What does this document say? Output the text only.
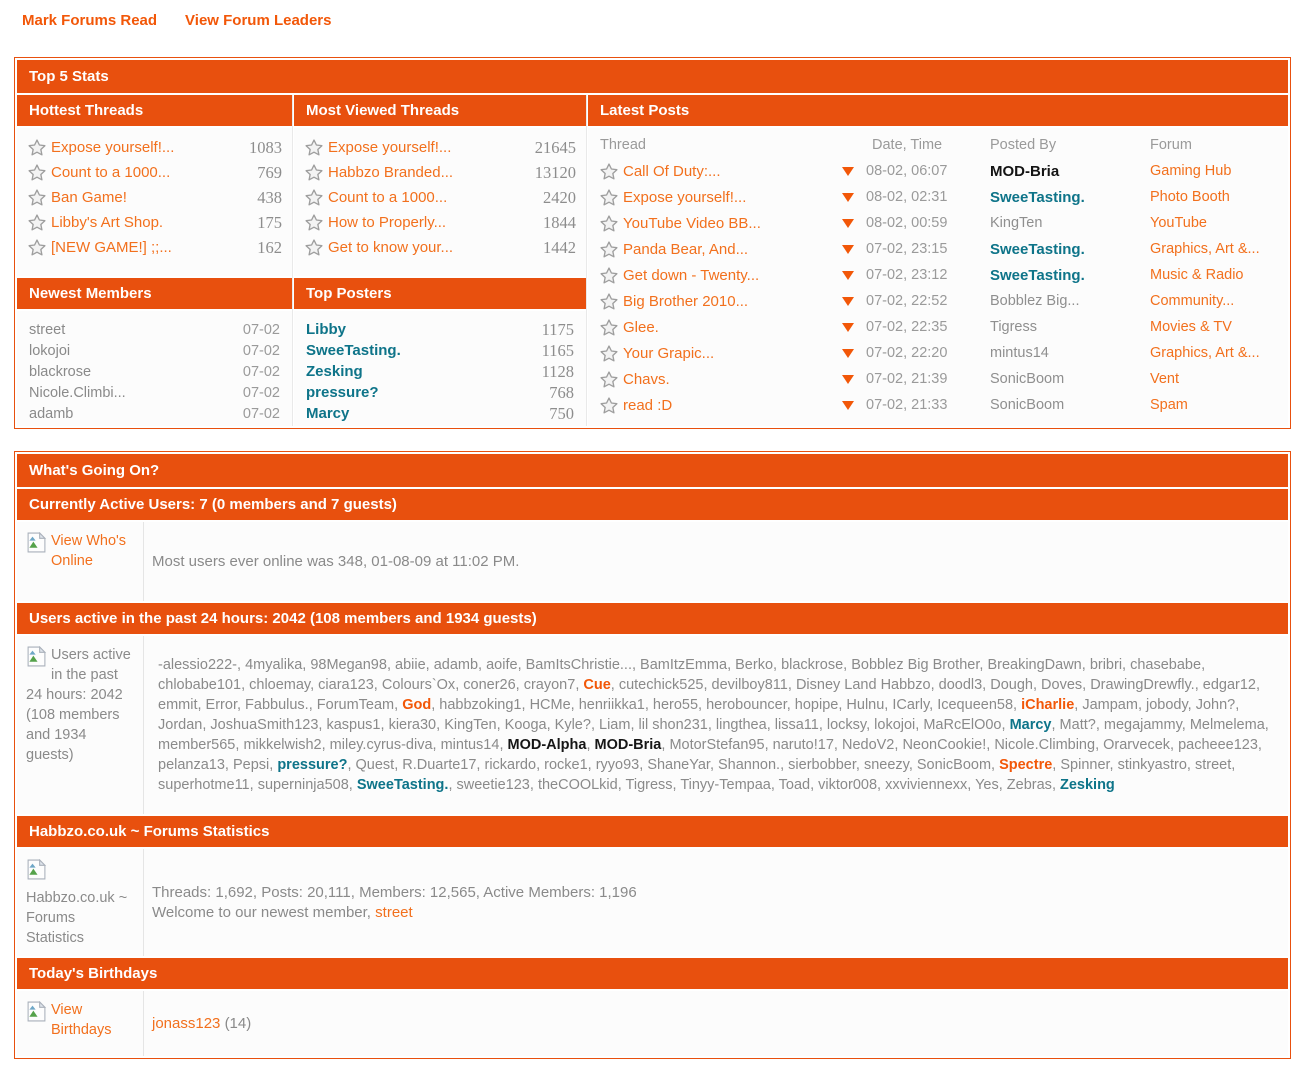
Mark Forums Read View Forum Leaders
Top 5 Stats
Hottest Threads
Expose yourself!...	1083
Count to a 1000...	769
Ban Game!	438
Libby's Art Shop.	175
[NEW GAME!] ;;...	162
Newest Members
street	07-02
lokojoi	07-02
blackrose	07-02
Nicole.Climbi...	07-02
adamb	07-02
Most Viewed Threads
Expose yourself!...	21645
Habbzo Branded...	13120
Count to a 1000...	2420
How to Properly...	1844
Get to know your...	1442
Top Posters
Libby	1175
SweeTasting.	1165
Zesking	1128
pressure?	768
Marcy	750
Latest Posts
Thread	Date, Time	Posted By	Forum
Call Of Duty:...	08-02, 06:07	MOD-Bria	Gaming Hub
Expose yourself!...	08-02, 02:31	SweeTasting.	Photo Booth
YouTube Video BB...	08-02, 00:59	KingTen	YouTube
Panda Bear, And...	07-02, 23:15	SweeTasting.	Graphics, Art &...
Get down - Twenty...	07-02, 23:12	SweeTasting.	Music & Radio
Big Brother 2010...	07-02, 22:52	Bobblez Big...	Community...
Glee.	07-02, 22:35	Tigress	Movies & TV
Your Grapic...	07-02, 22:20	mintus14	Graphics, Art &...
Chavs.	07-02, 21:39	SonicBoom	Vent
read :D	07-02, 21:33	SonicBoom	Spam
What's Going On?
Currently Active Users: 7 (0 members and 7 guests)
View Who's Online	Most users ever online was 348, 01-08-09 at 11:02 PM.
Users active in the past 24 hours: 2042 (108 members and 1934 guests)
Users active in the past 24 hours: 2042 (108 members and 1934 guests)

-alessio222-, 4myalika, 98Megan98, abiie, adamb, aoife, BamItsChristie..., BamItzEmma, Berko, blackrose, Bobblez Big Brother, BreakingDawn, bribri, chasebabe, chlobabe101, chloemay, ciara123, Colours`Ox, coner26, crayon7, Cue, cutechick525, devilboy811, Disney Land Habbzo, doodl3, Dough, Doves, DrawingDrewfly., edgar12, emmit, Error, Fabbulus., ForumTeam, God, habbzoking1, HCMe, henriikka1, hero55, herobouncer, hopipe, Hulnu, ICarly, Icequeen58, iCharlie, Jampam, jobody, John?, Jordan, JoshuaSmith123, kaspus1, kiera30, KingTen, Kooga, Kyle?, Liam, lil shon231, lingthea, lissa11, locksy, lokojoi, MaRcElO0o, Marcy, Matt?, megajammy, Melmelema, member565, mikkelwish2, miley.cyrus-diva, mintus14, MOD-Alpha, MOD-Bria, MotorStefan95, naruto!17, NedoV2, NeonCookie!, Nicole.Climbing, Orarvecek, pacheee123, pelanza13, Pepsi, pressure?, Quest, R.Duarte17, rickardo, rocke1, ryyo93, ShaneYar, Shannon., sierbobber, sneezy, SonicBoom, Spectre, Spinner, stinkyastro, street, superhotme11, superninja508, SweeTasting., sweetie123, theCOOLkid, Tigress, Tinyy-Tempaa, Toad, viktor008, xxviviennexx, Yes, Zebras, Zesking

Habbzo.co.uk ~ Forums Statistics
Habbzo.co.uk ~ Forums Statistics
Threads: 1,692, Posts: 20,111, Members: 12,565, Active Members: 1,196
Welcome to our newest member, street
Today's Birthdays
View Birthdays	jonass123 (14)
